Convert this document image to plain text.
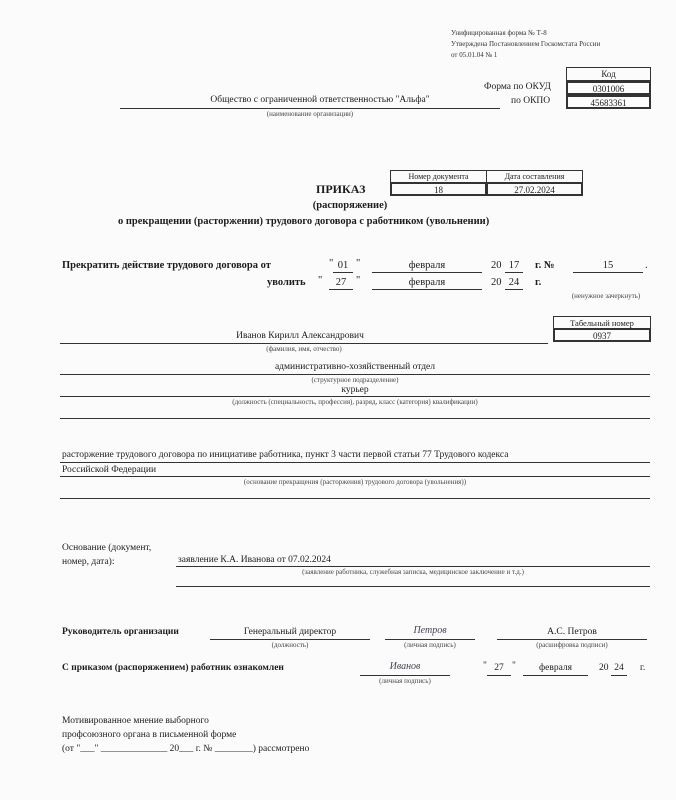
Унифицированная форма № Т-8
Утверждена Постановлением Госкомстата России
от 05.01.04 № 1
Код
Форма по ОКУД	0301006
по ОКПО	45683361
Общество с ограниченной ответственностью "Альфа"
(наименование организации)
Номер документа	Дата составления
18	27.02.2024
ПРИКАЗ
(распоряжение)
о прекращении (расторжении) трудового договора с работником (увольнении)
Прекратить действие трудового договора от	" 01 "	февраля	20 17	г. №	15	.
уволить "	27 "	февраля	20 24	г.
(ненужное зачеркнуть)
Табельный номер
0937
Иванов Кирилл Александрович
(фамилия, имя, отчество)
административно-хозяйственный отдел
(структурное подразделение)
курьер
(должность (специальность, профессия), разряд, класс (категория) квалификации)
расторжение трудового договора по инициативе работника, пункт 3 части первой статьи 77 Трудового кодекса
Российской Федерации
(основание прекращения (расторжения) трудового договора (увольнения))
Основание (документ,
номер, дата):	заявление К.А. Иванова от 07.02.2024
(заявление работника, служебная записка, медицинское заключение и т.д.)
Руководитель организации	Генеральный директор
(должность)
Петров
(личная подпись)
А.С. Петров
(расшифровка подписи)
С приказом (распоряжением) работник ознакомлен	Иванов
(личная подпись)
" 27 "	февраля	20 24	г.
Мотивированное мнение выборного
профсоюзного органа в письменной форме
(от "___" ______________ 20___ г. № ________) рассмотрено
